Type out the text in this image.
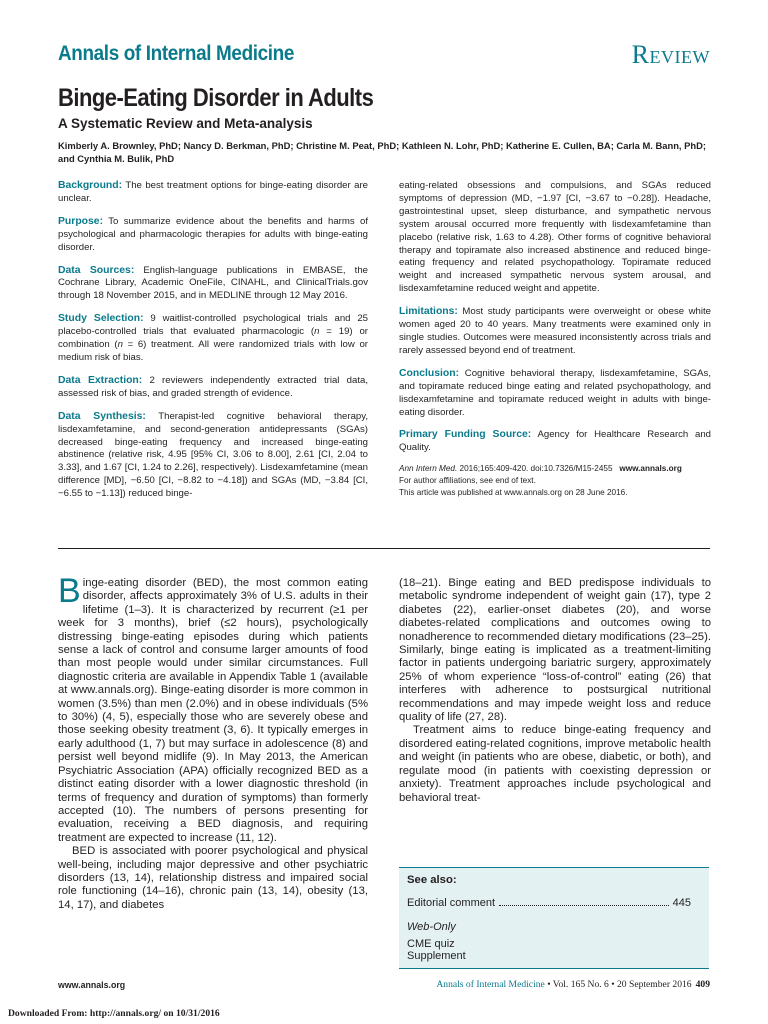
Annals of Internal Medicine	Review
Binge-Eating Disorder in Adults
A Systematic Review and Meta-analysis
Kimberly A. Brownley, PhD; Nancy D. Berkman, PhD; Christine M. Peat, PhD; Kathleen N. Lohr, PhD; Katherine E. Cullen, BA; Carla M. Bann, PhD; and Cynthia M. Bulik, PhD

Background: The best treatment options for binge-eating disorder are unclear.

Purpose: To summarize evidence about the benefits and harms of psychological and pharmacologic therapies for adults with binge-eating disorder.

Data Sources: English-language publications in EMBASE, the Cochrane Library, Academic OneFile, CINAHL, and ClinicalTrials.gov through 18 November 2015, and in MEDLINE through 12 May 2016.

Study Selection: 9 waitlist-controlled psychological trials and 25 placebo-controlled trials that evaluated pharmacologic (n = 19) or combination (n = 6) treatment. All were randomized trials with low or medium risk of bias.

Data Extraction: 2 reviewers independently extracted trial data, assessed risk of bias, and graded strength of evidence.

Data Synthesis: Therapist-led cognitive behavioral therapy, lisdexamfetamine, and second-generation antidepressants (SGAs) decreased binge-eating frequency and increased binge-eating abstinence (relative risk, 4.95 [95% CI, 3.06 to 8.00], 2.61 [CI, 2.04 to 3.33], and 1.67 [CI, 1.24 to 2.26], respectively). Lisdexamfetamine (mean difference [MD], −6.50 [CI, −8.82 to −4.18]) and SGAs (MD, −3.84 [CI, −6.55 to −1.13]) reduced binge-

eating-related obsessions and compulsions, and SGAs reduced symptoms of depression (MD, −1.97 [CI, −3.67 to −0.28]). Headache, gastrointestinal upset, sleep disturbance, and sympathetic nervous system arousal occurred more frequently with lisdexamfetamine than placebo (relative risk, 1.63 to 4.28). Other forms of cognitive behavioral therapy and topiramate also increased abstinence and reduced binge-eating frequency and related psychopathology. Topiramate reduced weight and increased sympathetic nervous system arousal, and lisdexamfetamine reduced weight and appetite.

Limitations: Most study participants were overweight or obese white women aged 20 to 40 years. Many treatments were examined only in single studies. Outcomes were measured inconsistently across trials and rarely assessed beyond end of treatment.

Conclusion: Cognitive behavioral therapy, lisdexamfetamine, SGAs, and topiramate reduced binge eating and related psychopathology, and lisdexamfetamine and topiramate reduced weight in adults with binge-eating disorder.

Primary Funding Source: Agency for Healthcare Research and Quality.

Ann Intern Med. 2016;165:409-420. doi:10.7326/M15-2455 www.annals.org
For author affiliations, see end of text.
This article was published at www.annals.org on 28 June 2016.

Binge-eating disorder (BED), the most common eating disorder, affects approximately 3% of U.S. adults in their lifetime (1–3). It is characterized by recurrent (≥1 per week for 3 months), brief (≤2 hours), psychologically distressing binge-eating episodes during which patients sense a lack of control and consume larger amounts of food than most people would under similar circumstances. Full diagnostic criteria are available in Appendix Table 1 (available at www.annals.org). Binge-eating disorder is more common in women (3.5%) than men (2.0%) and in obese individuals (5% to 30%) (4, 5), especially those who are severely obese and those seeking obesity treatment (3, 6). It typically emerges in early adulthood (1, 7) but may surface in adolescence (8) and persist well beyond midlife (9). In May 2013, the American Psychiatric Association (APA) officially recognized BED as a distinct eating disorder with a lower diagnostic threshold (in terms of frequency and duration of symptoms) than formerly accepted (10). The numbers of persons presenting for evaluation, receiving a BED diagnosis, and requiring treatment are expected to increase (11, 12).

BED is associated with poorer psychological and physical well-being, including major depressive and other psychiatric disorders (13, 14), relationship distress and impaired social role functioning (14–16), chronic pain (13, 14), obesity (13, 14, 17), and diabetes

(18–21). Binge eating and BED predispose individuals to metabolic syndrome independent of weight gain (17), type 2 diabetes (22), earlier-onset diabetes (20), and worse diabetes-related complications and outcomes owing to nonadherence to recommended dietary modifications (23–25). Similarly, binge eating is implicated as a treatment-limiting factor in patients undergoing bariatric surgery, approximately 25% of whom experience “loss-of-control” eating (26) that interferes with adherence to postsurgical nutritional recommendations and may impede weight loss and reduce quality of life (27, 28).

Treatment aims to reduce binge-eating frequency and disordered eating-related cognitions, improve metabolic health and weight (in patients who are obese, diabetic, or both), and regulate mood (in patients with coexisting depression or anxiety). Treatment approaches include psychological and behavioral treat-

See also:
Editorial comment	445
Web-Only
CME quiz
Supplement
www.annals.org	Annals of Internal Medicine • Vol. 165 No. 6 • 20 September 2016 409
Downloaded From: http://annals.org/ on 10/31/2016
